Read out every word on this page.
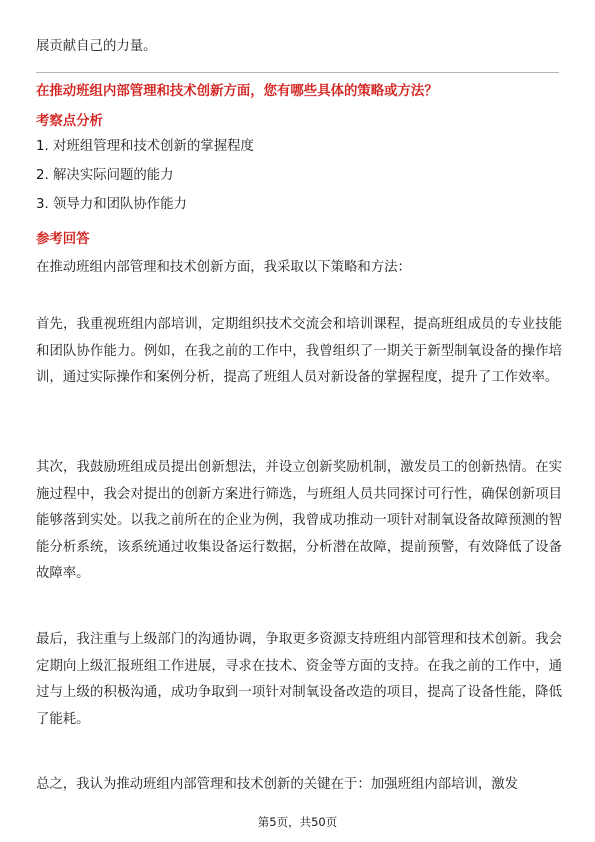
展贡献自己的力量。

在推动班组内部管理和技术创新方面，您有哪些具体的策略或方法？

考察点分析

1. 对班组管理和技术创新的掌握程度

2. 解决实际问题的能力

3. 领导力和团队协作能力

参考回答

在推动班组内部管理和技术创新方面，我采取以下策略和方法：

首先，我重视班组内部培训，定期组织技术交流会和培训课程，提高班组成员的专业技能和团队协作能力。例如，在我之前的工作中，我曾组织了一期关于新型制氧设备的操作培训，通过实际操作和案例分析，提高了班组人员对新设备的掌握程度，提升了工作效率。

其次，我鼓励班组成员提出创新想法，并设立创新奖励机制，激发员工的创新热情。在实施过程中，我会对提出的创新方案进行筛选，与班组人员共同探讨可行性，确保创新项目能够落到实处。以我之前所在的企业为例，我曾成功推动一项针对制氧设备故障预测的智能分析系统，该系统通过收集设备运行数据，分析潜在故障，提前预警，有效降低了设备故障率。

最后，我注重与上级部门的沟通协调，争取更多资源支持班组内部管理和技术创新。我会定期向上级汇报班组工作进展，寻求在技术、资金等方面的支持。在我之前的工作中，通过与上级的积极沟通，成功争取到一项针对制氧设备改造的项目，提高了设备性能，降低了能耗。

总之，我认为推动班组内部管理和技术创新的关键在于：加强班组内部培训，激发

第5页，共50页
